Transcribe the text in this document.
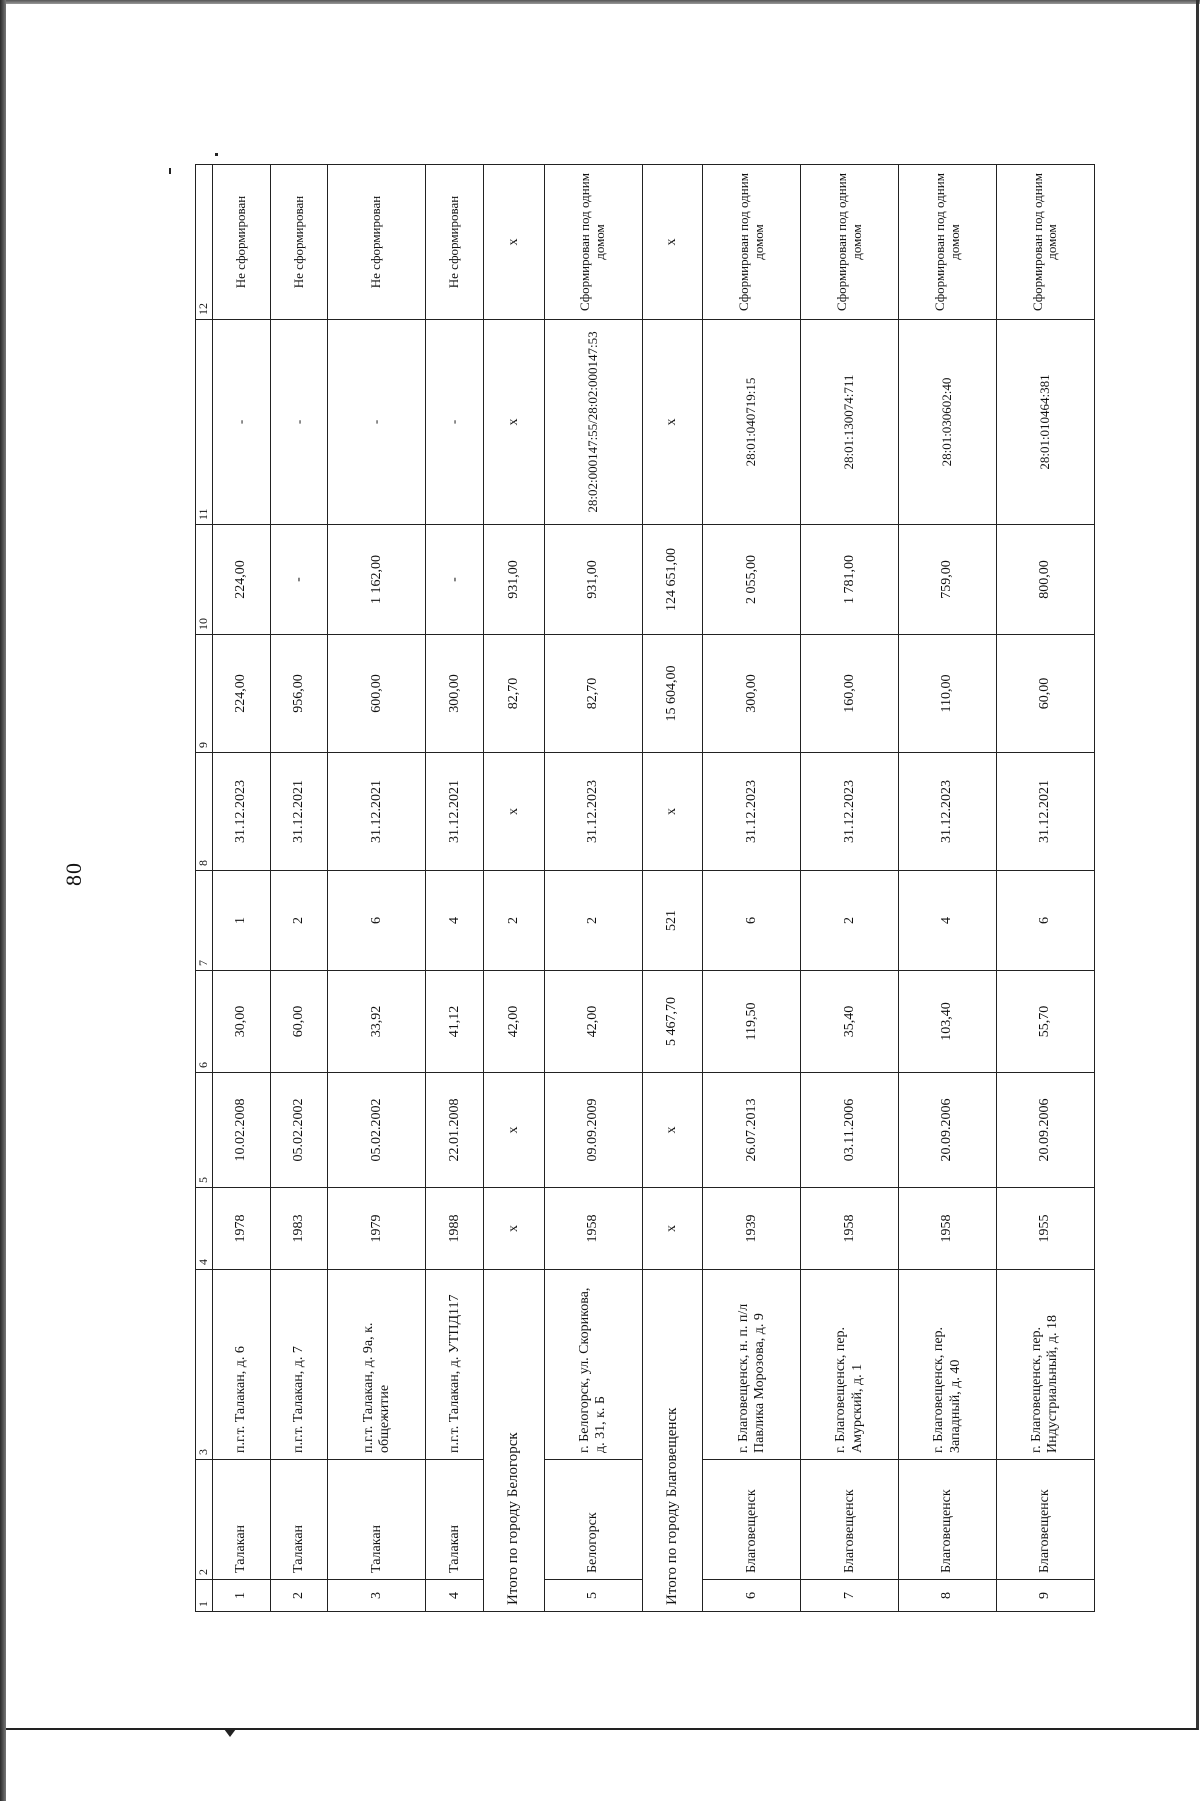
80
1	2	3	4	5	6	7	8	9	10	11	12
1	Талакан	п.г.т. Талакан, д. 6	1978	10.02.2008	30,00	1	31.12.2023	224,00	224,00	-	Не сформирован
2	Талакан	п.г.т. Талакан, д. 7	1983	05.02.2002	60,00	2	31.12.2021	956,00	-	-	Не сформирован
3	Талакан	п.г.т. Талакан, д. 9а, к. общежитие	1979	05.02.2002	33,92	6	31.12.2021	600,00	1 162,00	-	Не сформирован
4	Талакан	п.г.т. Талакан, д. УТПД117	1988	22.01.2008	41,12	4	31.12.2021	300,00	-	-	Не сформирован
Итого по городу Белогорск			х	х	42,00	2	х	82,70	931,00	х	х
5	Белогорск	г. Белогорск, ул. Скорикова, д. 31, к. Б	1958	09.09.2009	42,00	2	31.12.2023	82,70	931,00	28:02:000147:55/28:02:000147:53	Сформирован под одним домом
Итого по городу Благовещенск			х	х	5 467,70	521	х	15 604,00	124 651,00	х	х
6	Благовещенск	г. Благовещенск, н. п. п/л Павлика Морозова, д. 9	1939	26.07.2013	119,50	6	31.12.2023	300,00	2 055,00	28:01:040719:15	Сформирован под одним домом
7	Благовещенск	г. Благовещенск, пер. Амурский, д. 1	1958	03.11.2006	35,40	2	31.12.2023	160,00	1 781,00	28:01:130074:711	Сформирован под одним домом
8	Благовещенск	г. Благовещенск, пер. Западный, д. 40	1958	20.09.2006	103,40	4	31.12.2023	110,00	759,00	28:01:030602:40	Сформирован под одним домом
9	Благовещенск	г. Благовещенск, пер. Индустриальный, д. 18	1955	20.09.2006	55,70	6	31.12.2021	60,00	800,00	28:01:010464:381	Сформирован под одним домом
